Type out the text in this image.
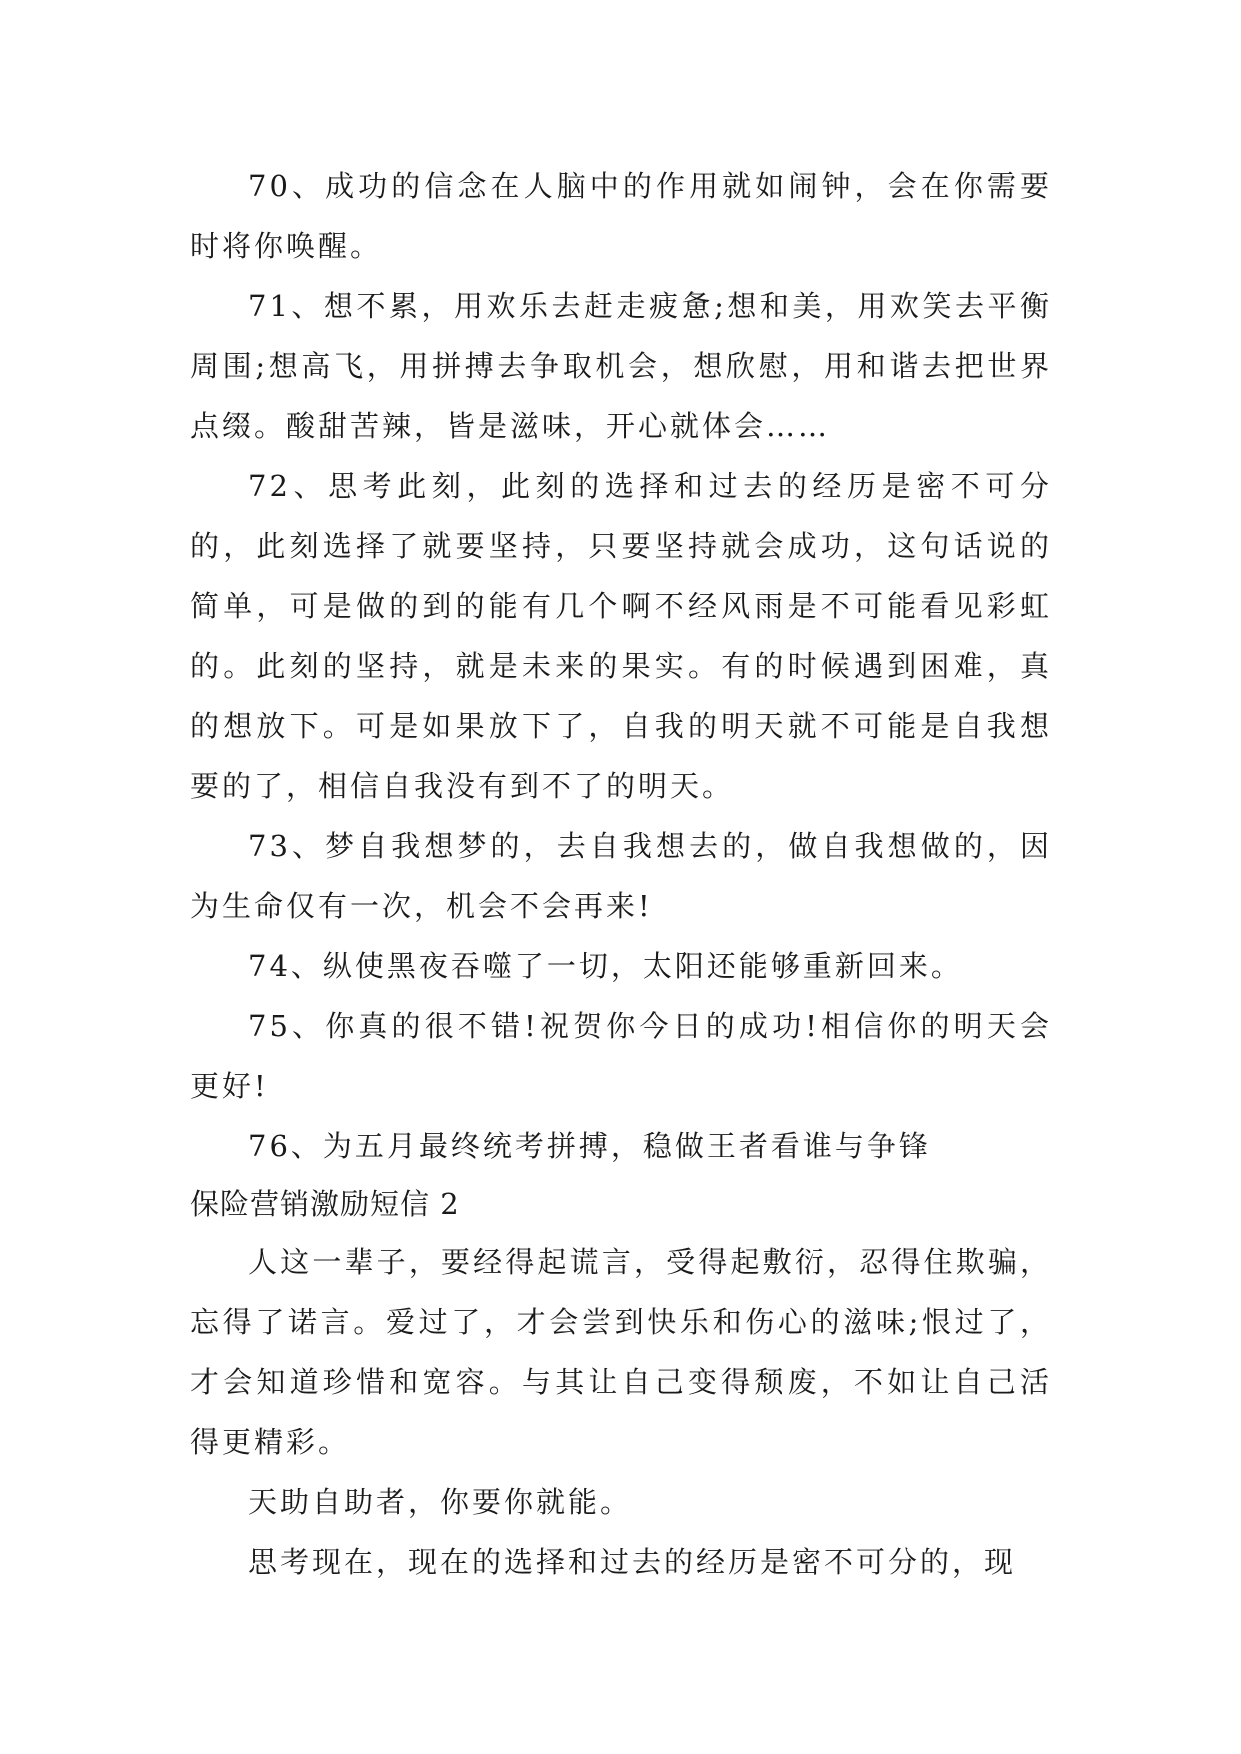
70、成功的信念在人脑中的作用就如闹钟，会在你需要时将你唤醒。

71、想不累，用欢乐去赶走疲惫;想和美，用欢笑去平衡周围;想高飞，用拼搏去争取机会，想欣慰，用和谐去把世界点缀。酸甜苦辣，皆是滋味，开心就体会……

72、思考此刻，此刻的选择和过去的经历是密不可分的，此刻选择了就要坚持，只要坚持就会成功，这句话说的简单，可是做的到的能有几个啊不经风雨是不可能看见彩虹的。此刻的坚持，就是未来的果实。有的时候遇到困难，真的想放下。可是如果放下了，自我的明天就不可能是自我想要的了，相信自我没有到不了的明天。

73、梦自我想梦的，去自我想去的，做自我想做的，因为生命仅有一次，机会不会再来!

74、纵使黑夜吞噬了一切，太阳还能够重新回来。

75、你真的很不错!祝贺你今日的成功!相信你的明天会更好!

76、为五月最终统考拼搏，稳做王者看谁与争锋

保险营销激励短信 2

人这一辈子，要经得起谎言，受得起敷衍，忍得住欺骗，忘得了诺言。爱过了，才会尝到快乐和伤心的滋味;恨过了，才会知道珍惜和宽容。与其让自己变得颓废，不如让自己活得更精彩。

天助自助者，你要你就能。

思考现在，现在的选择和过去的经历是密不可分的，现
